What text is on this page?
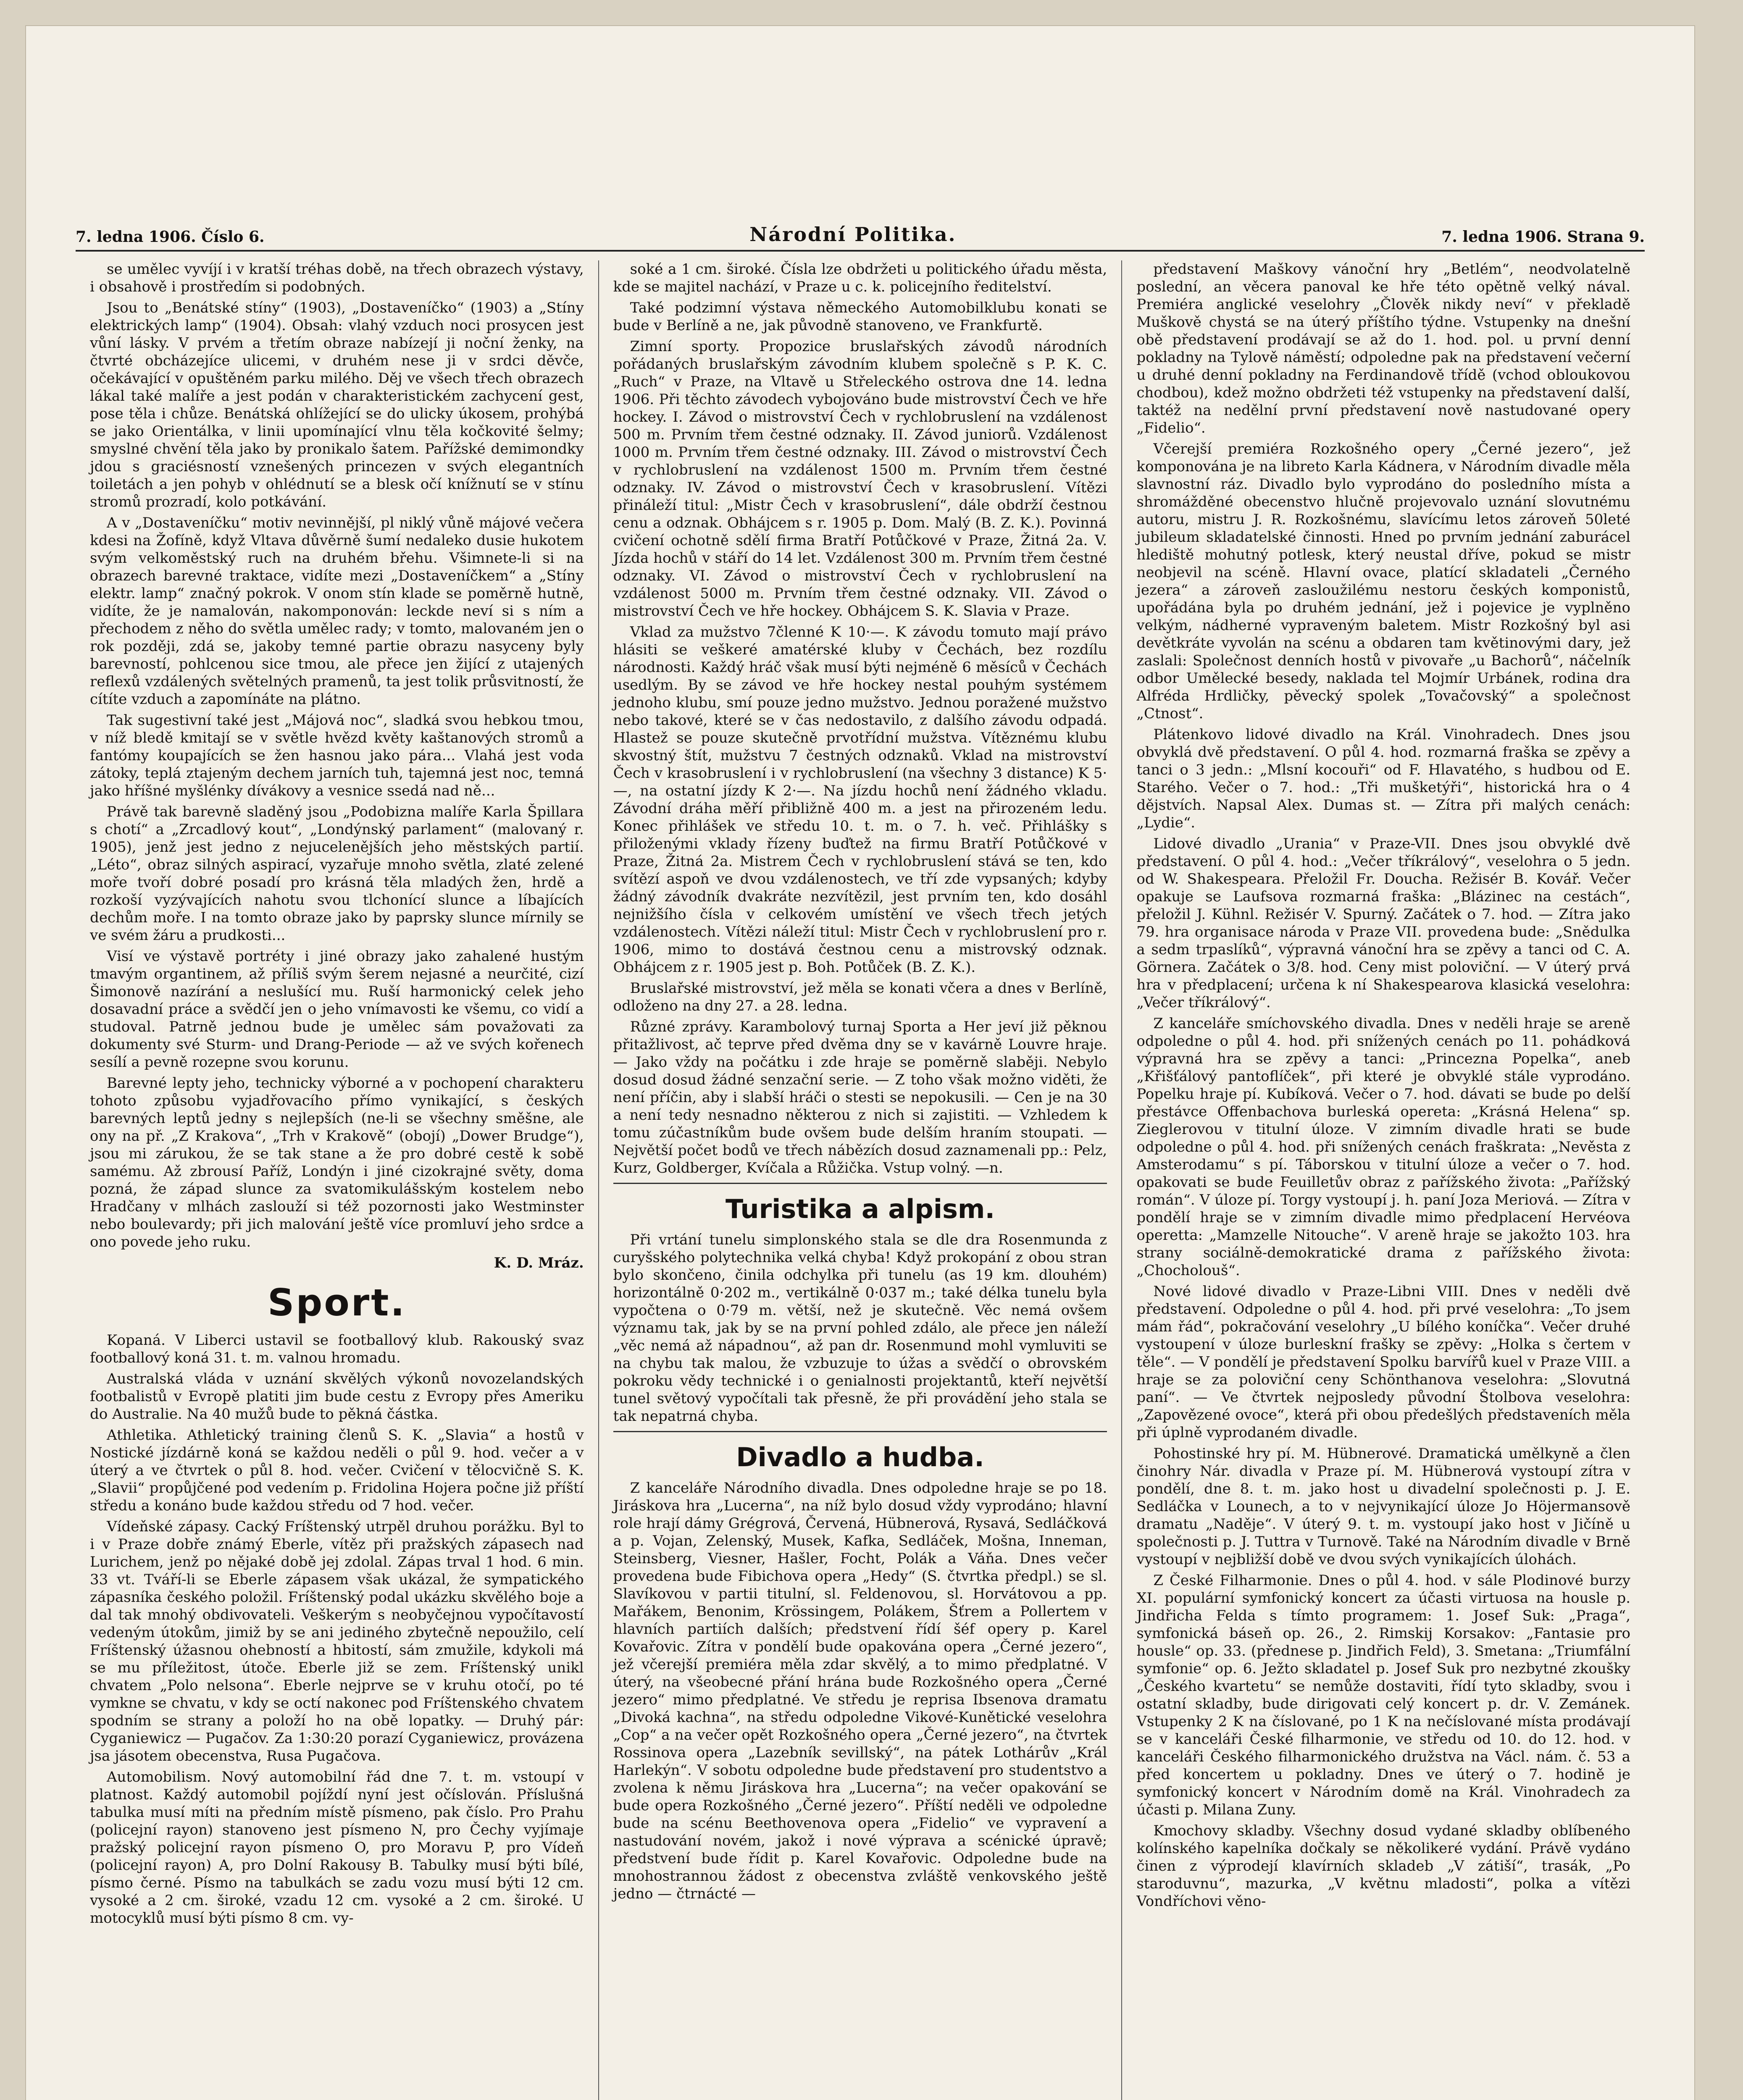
7. ledna 1906. Číslo 6.	Národní Politika.	7. ledna 1906. Strana 9.

se umělec vyvíjí i v kratší tréhas době, na třech obrazech výstavy, i obsahově i prostředím si podobných.

Jsou to „Benátské stíny“ (1903), „Dostaveníčko“ (1903) a „Stíny elektrických lamp“ (1904). Obsah: vlahý vzduch noci prosycen jest vůní lásky. V prvém a třetím obraze nabízejí ji noční ženky, na čtvrté obcházejíce ulicemi, v druhém nese ji v srdci děvče, očekávající v opuštěném parku milého. Děj ve všech třech obrazech lákal také malíře a jest podán v charakteristickém zachycení gest, pose těla i chůze. Benátská ohlížející se do ulicky úkosem, prohýbá se jako Orientálka, v linii upomínající vlnu těla kočkovité šelmy; smyslné chvění těla jako by pronikalo šatem. Pařížské demimondky jdou s graciésností vznešených princezen v svých elegantních toiletách a jen pohyb v ohlédnutí se a blesk očí knížnutí se v stínu stromů prozradí, kolo potkávání.

A v „Dostaveníčku“ motiv nevinnější, pl niklý vůně májové večera kdesi na Žofíně, když Vltava důvěrně šumí nedaleko dusie hukotem svým velkoměstský ruch na druhém břehu. Všimnete-li si na obrazech barevné traktace, vidíte mezi „Dostaveníčkem“ a „Stíny elektr. lamp“ značný pokrok. V onom stín klade se poměrně hutně, vidíte, že je namalován, nakomponován: leckde neví si s ním a přechodem z něho do světla umělec rady; v tomto, malovaném jen o rok později, zdá se, jakoby temné partie obrazu nasyceny byly barevností, pohlcenou sice tmou, ale přece jen žijící z utajených reflexů vzdálených světelných pramenů, ta jest tolik průsvitností, že cítíte vzduch a zapomínáte na plátno.

Tak sugestivní také jest „Májová noc“, sladká svou hebkou tmou, v níž bledě kmitají se v světle hvězd květy kaštanových stromů a fantómy koupajících se žen hasnou jako pára... Vlahá jest voda zátoky, teplá ztajeným dechem jarních tuh, tajemná jest noc, temná jako hříšné myšlénky dívákovy a vesnice ssedá nad ně...

Právě tak barevně sladěný jsou „Podobizna malíře Karla Špillara s chotí“ a „Zrcadlový kout“, „Londýnský parlament“ (malovaný r. 1905), jenž jest jedno z nejucelenějších jeho městských partií. „Léto“, obraz silných aspirací, vyzařuje mnoho světla, zlaté zelené moře tvoří dobré posadí pro krásná těla mladých žen, hrdě a rozkoší vyzývajících nahotu svou tlchonící slunce a líbajících dechům moře. I na tomto obraze jako by paprsky slunce mírnily se ve svém žáru a prudkosti...

Visí ve výstavě portréty i jiné obrazy jako zahalené hustým tmavým organtinem, až příliš svým šerem nejasné a neurčité, cizí Šimonově nazírání a neslušící mu. Ruší harmonický celek jeho dosavadní práce a svědčí jen o jeho vnímavosti ke všemu, co vidí a studoval. Patrně jednou bude je umělec sám považovati za dokumenty své Sturm- und Drang-Periode — až ve svých kořenech sesílí a pevně rozepne svou korunu.

Barevné lepty jeho, technicky výborné a v pochopení charakteru tohoto způsobu vyjadřovacího přímo vynikající, s českých barevných leptů jedny s nejlepších (ne-li se všechny směšne, ale ony na př. „Z Krakova“, „Trh v Krakově“ (obojí) „Dower Brudge“), jsou mi zárukou, že se tak stane a že pro dobré cestě k sobě samému. Až zbrousí Paříž, Londýn i jiné cizokrajné světy, doma pozná, že západ slunce za svatomikulášským kostelem nebo Hradčany v mlhách zaslouží si též pozornosti jako Westminster nebo boulevardy; při jich malování ještě více promluví jeho srdce a ono povede jeho ruku.

K. D. Mráz.
Sport.

Kopaná. V Liberci ustavil se footballový klub. Rakouský svaz footballový koná 31. t. m. valnou hromadu.

Australská vláda v uznání skvělých výkonů novozelandských footbalistů v Evropě platiti jim bude cestu z Evropy přes Ameriku do Australie. Na 40 mužů bude to pěkná částka.

Athletika. Athletický training členů S. K. „Slavia“ a hostů v Nostické jízdárně koná se každou neděli o půl 9. hod. večer a v úterý a ve čtvrtek o půl 8. hod. večer. Cvičení v tělocvičně S. K. „Slavii“ propůjčené pod vedením p. Fridolina Hojera počne již příští středu a konáno bude každou středu od 7 hod. večer.

Vídeňské zápasy. Cacký Fríštenský utrpěl druhou porážku. Byl to i v Praze dobře známý Eberle, vítěz při pražských zápasech nad Lurichem, jenž po nějaké době jej zdolal. Zápas trval 1 hod. 6 min. 33 vt. Tváří-li se Eberle zápasem však ukázal, že sympatického zápasníka českého položil. Fríštenský podal ukázku skvělého boje a dal tak mnohý obdivovateli. Veškerým s neobyčejnou vypočítavostí vedeným útokům, jimiž by se ani jediného zbytečně nepoužilo, celí Fríštenský úžasnou ohebností a hbitostí, sám zmužile, kdykoli má se mu příležitost, útoče. Eberle již se zem. Fríštenský unikl chvatem „Polo nelsona“. Eberle nejprve se v kruhu otočí, po té vymkne se chvatu, v kdy se octí nakonec pod Fríštenského chvatem spodním se strany a položí ho na obě lopatky. — Druhý pár: Cyganiewicz — Pugačov. Za 1:30:20 porazí Cyganiewicz, provázena jsa jásotem obecenstva, Rusa Pugačova.

Automobilism. Nový automobilní řád dne 7. t. m. vstoupí v platnost. Každý automobil pojíždí nyní jest očíslován. Příslušná tabulka musí míti na předním místě písmeno, pak číslo. Pro Prahu (policejní rayon) stanoveno jest písmeno N, pro Čechy vyjímaje pražský policejní rayon písmeno O, pro Moravu P, pro Vídeň (policejní rayon) A, pro Dolní Rakousy B. Tabulky musí býti bílé, písmo černé. Písmo na tabulkách se zadu vozu musí býti 12 cm. vysoké a 2 cm. široké, vzadu 12 cm. vysoké a 2 cm. široké. U motocyklů musí býti písmo 8 cm. vy-

soké a 1 cm. široké. Čísla lze obdržeti u politického úřadu města, kde se majitel nachází, v Praze u c. k. policejního ředitelství.

Také podzimní výstava německého Automobilklubu konati se bude v Berlíně a ne, jak původně stanoveno, ve Frankfurtě.

Zimní sporty. Propozice bruslařských závodů národních pořádaných bruslařským závodním klubem společně s P. K. C. „Ruch“ v Praze, na Vltavě u Střeleckého ostrova dne 14. ledna 1906. Při těchto závodech vybojováno bude mistrovství Čech ve hře hockey. I. Závod o mistrovství Čech v rychlobruslení na vzdálenost 500 m. Prvním třem čestné odznaky. II. Závod juniorů. Vzdálenost 1000 m. Prvním třem čestné odznaky. III. Závod o mistrovství Čech v rychlobruslení na vzdálenost 1500 m. Prvním třem čestné odznaky. IV. Závod o mistrovství Čech v krasobruslení. Vítězi přináleží titul: „Mistr Čech v krasobruslení“, dále obdrží čestnou cenu a odznak. Obhájcem s r. 1905 p. Dom. Malý (B. Z. K.). Povinná cvičení ochotně sdělí firma Bratří Potůčkové v Praze, Žitná 2a. V. Jízda hochů v stáří do 14 let. Vzdálenost 300 m. Prvním třem čestné odznaky. VI. Závod o mistrovství Čech v rychlobruslení na vzdálenost 5000 m. Prvním třem čestné odznaky. VII. Závod o mistrovství Čech ve hře hockey. Obhájcem S. K. Slavia v Praze.

Vklad za mužstvo 7členné K 10·—. K závodu tomuto mají právo hlásiti se veškeré amatérské kluby v Čechách, bez rozdílu národnosti. Každý hráč však musí býti nejméně 6 měsíců v Čechách usedlým. By se závod ve hře hockey nestal pouhým systémem jednoho klubu, smí pouze jedno mužstvo. Jednou poražené mužstvo nebo takové, které se v čas nedostavilo, z dalšího závodu odpadá. Hlastež se pouze skutečně prvotřídní mužstva. Vítěznému klubu skvostný štít, mužstvu 7 čestných odznaků. Vklad na mistrovství Čech v krasobruslení i v rychlobruslení (na všechny 3 distance) K 5·—, na ostatní jízdy K 2·—. Na jízdu hochů není žádného vkladu. Závodní dráha měří přibližně 400 m. a jest na přirozeném ledu. Konec přihlášek ve středu 10. t. m. o 7. h. več. Přihlášky s přiloženými vklady řízeny buďtež na firmu Bratří Potůčkové v Praze, Žitná 2a. Mistrem Čech v rychlobruslení stává se ten, kdo svítězí aspoň ve dvou vzdálenostech, ve tří zde vypsaných; kdyby žádný závodník dvakráte nezvítězil, jest prvním ten, kdo dosáhl nejnižšího čísla v celkovém umístění ve všech třech jetých vzdálenostech. Vítězi náleží titul: Mistr Čech v rychlobruslení pro r. 1906, mimo to dostává čestnou cenu a mistrovský odznak. Obhájcem z r. 1905 jest p. Boh. Potůček (B. Z. K.).

Bruslařské mistrovství, jež měla se konati včera a dnes v Berlíně, odloženo na dny 27. a 28. ledna.

Různé zprávy. Karambolový turnaj Sporta a Her jeví již pěknou přitažlivost, ač teprve před dvěma dny se v kavárně Louvre hraje. — Jako vždy na počátku i zde hraje se poměrně slaběji. Nebylo dosud dosud žádné senzační serie. — Z toho však možno viděti, že není příčin, aby i slabší hráči o stesti se nepokusili. — Cen je na 30 a není tedy nesnadno některou z nich si zajistiti. — Vzhledem k tomu zúčastníkům bude ovšem bude delším hraním stoupati. — Největší počet bodů ve třech nábězích dosud zaznamenali pp.: Pelz, Kurz, Goldberger, Kvíčala a Růžička. Vstup volný. —n.

Turistika a alpism.

Při vrtání tunelu simplonského stala se dle dra Rosenmunda z curyšského polytechnika velká chyba! Když prokopání z obou stran bylo skončeno, činila odchylka při tunelu (as 19 km. dlouhém) horizontálně 0·202 m., vertikálně 0·037 m.; také délka tunelu byla vypočtena o 0·79 m. větší, než je skutečně. Věc nemá ovšem významu tak, jak by se na první pohled zdálo, ale přece jen náleží „věc nemá až nápadnou“, až pan dr. Rosenmund mohl vymluviti se na chybu tak malou, že vzbuzuje to úžas a svědčí o obrovském pokroku vědy technické i o genialnosti projektantů, kteří největší tunel světový vypočítali tak přesně, že při provádění jeho stala se tak nepatrná chyba.

Divadlo a hudba.

Z kanceláře Národního divadla. Dnes odpoledne hraje se po 18. Jiráskova hra „Lucerna“, na níž bylo dosud vždy vyprodáno; hlavní role hrají dámy Grégrová, Červená, Hübnerová, Rysavá, Sedláčková a p. Vojan, Zelenský, Musek, Kafka, Sedláček, Mošna, Inneman, Steinsberg, Viesner, Hašler, Focht, Polák a Váňa. Dnes večer provedena bude Fibichova opera „Hedy“ (S. čtvrtka předpl.) se sl. Slavíkovou v partii titulní, sl. Feldenovou, sl. Horvátovou a pp. Mařákem, Benonim, Krössingem, Polákem, Šťrem a Pollertem v hlavních partiích dalších; předstvení řídí šéf opery p. Karel Kovařovic. Zítra v pondělí bude opakována opera „Černé jezero“, jež včerejší premiéra měla zdar skvělý, a to mimo předplatné. V úterý, na všeobecné přání hrána bude Rozkošného opera „Černé jezero“ mimo předplatné. Ve středu je reprisa Ibsenova dramatu „Divoká kachna“, na středu odpoledne Vikové-Kunětické veselohra „Cop“ a na večer opět Rozkošného opera „Černé jezero“, na čtvrtek Rossinova opera „Lazebník sevillský“, na pátek Lothárův „Král Harlekýn“. V sobotu odpoledne bude představení pro studentstvo a zvolena k němu Jiráskova hra „Lucerna“; na večer opakování se bude opera Rozkošného „Černé jezero“. Příští neděli ve odpoledne bude na scénu Beethovenova opera „Fidelio“ ve vypravení a nastudování novém, jakož i nové výprava a scénické úpravě; předstvení bude řídit p. Karel Kovařovic. Odpoledne bude na mnohostrannou žádost z obecenstva zvláště venkovského ještě jedno — čtrnácté —

představení Maškovy vánoční hry „Betlém“, neodvolatelně poslední, an věcera panoval ke hře této opětně velký nával. Premiéra anglické veselohry „Člověk nikdy neví“ v překladě Muškově chystá se na úterý příštího týdne. Vstupenky na dnešní obě představení prodávají se až do 1. hod. pol. u první denní pokladny na Tylově náměstí; odpoledne pak na představení večerní u druhé denní pokladny na Ferdinandově třídě (vchod obloukovou chodbou), kdež možno obdržeti též vstupenky na představení další, taktéž na nedělní první představení nově nastudované opery „Fidelio“.

Včerejší premiéra Rozkošného opery „Černé jezero“, jež komponována je na libreto Karla Kádnera, v Národním divadle měla slavnostní ráz. Divadlo bylo vyprodáno do posledního místa a shromážděné obecenstvo hlučně projevovalo uznání slovutnému autoru, mistru J. R. Rozkošnému, slavícímu letos zároveň 50leté jubileum skladatelské činnosti. Hned po prvním jednání zaburácel hlediště mohutný potlesk, který neustal dříve, pokud se mistr neobjevil na scéně. Hlavní ovace, platící skladateli „Černého jezera“ a zároveň zasloužilému nestoru českých komponistů, upořádána byla po druhém jednání, jež i pojevice je vyplněno velkým, nádherné vypraveným baletem. Mistr Rozkošný byl asi devětkráte vyvolán na scénu a obdaren tam květinovými dary, jež zaslali: Společnost denních hostů v pivovaře „u Bachorů“, náčelník odbor Umělecké besedy, naklada tel Mojmír Urbánek, rodina dra Alfréda Hrdličky, pěvecký spolek „Tovačovský“ a společnost „Ctnost“.

Plátenkovo lidové divadlo na Král. Vinohradech. Dnes jsou obvyklá dvě představení. O půl 4. hod. rozmarná fraška se zpěvy a tanci o 3 jedn.: „Mlsní kocouři“ od F. Hlavatého, s hudbou od E. Starého. Večer o 7. hod.: „Tři mušketýři“, historická hra o 4 dějstvích. Napsal Alex. Dumas st. — Zítra při malých cenách: „Lydie“.

Lidové divadlo „Urania“ v Praze-VII. Dnes jsou obvyklé dvě představení. O půl 4. hod.: „Večer tříkrálový“, veselohra o 5 jedn. od W. Shakespeara. Přeložil Fr. Doucha. Režisér B. Kovář. Večer opakuje se Laufsova rozmarná fraška: „Blázinec na cestách“, přeložil J. Kühnl. Režisér V. Spurný. Začátek o 7. hod. — Zítra jako 79. hra organisace národa v Praze VII. provedena bude: „Snědulka a sedm trpaslíků“, výpravná vánoční hra se zpěvy a tanci od C. A. Görnera. Začátek o 3/8. hod. Ceny mist poloviční. — V úterý prvá hra v předplacení; určena k ní Shakespearova klasická veselohra: „Večer tříkrálový“.

Z kanceláře smíchovského divadla. Dnes v neděli hraje se areně odpoledne o půl 4. hod. při snížených cenách po 11. pohádková výpravná hra se zpěvy a tanci: „Princezna Popelka“, aneb „Křišťálový pantoflíček“, při které je obvyklé stále vyprodáno. Popelku hraje pí. Kubíková. Večer o 7. hod. dávati se bude po delší přestávce Offenbachova burleská opereta: „Krásná Helena“ sp. Zieglerovou v titulní úloze. V zimním divadle hrati se bude odpoledne o půl 4. hod. při snížených cenách fraškrata: „Nevěsta z Amsterodamu“ s pí. Táborskou v titulní úloze a večer o 7. hod. opakovati se bude Feuilletův obraz z pařížského života: „Pařížský román“. V úloze pí. Torgy vystoupí j. h. paní Joza Meriová. — Zítra v pondělí hraje se v zimním divadle mimo předplacení Hervéova operetta: „Mamzelle Nitouche“. V areně hraje se jakožto 103. hra strany sociálně-demokratické drama z pařížského života: „Chocholouš“.

Nové lidové divadlo v Praze-Libni VIII. Dnes v neděli dvě představení. Odpoledne o půl 4. hod. při prvé veselohra: „To jsem mám řád“, pokračování veselohry „U bílého koníčka“. Večer druhé vystoupení v úloze burleskní frašky se zpěvy: „Holka s čertem v těle“. — V pondělí je představení Spolku barvířů kuel v Praze VIII. a hraje se za poloviční ceny Schönthanova veselohra: „Slovutná paní“. — Ve čtvrtek nejposledy původní Štolbova veselohra: „Zapovězené ovoce“, která při obou předešlých představeních měla při úplně vyprodaném divadle.

Pohostinské hry pí. M. Hübnerové. Dramatická umělkyně a člen činohry Nár. divadla v Praze pí. M. Hübnerová vystoupí zítra v pondělí, dne 8. t. m. jako host u divadelní společnosti p. J. E. Sedláčka v Lounech, a to v nejvynikající úloze Jo Höjermansově dramatu „Naděje“. V úterý 9. t. m. vystoupí jako host v Jičíně u společnosti p. J. Tuttra v Turnově. Také na Národním divadle v Brně vystoupí v nejbližší době ve dvou svých vynikajících úlohách.

Z České Filharmonie. Dnes o půl 4. hod. v sále Plodinové burzy XI. populární symfonický koncert za účasti virtuosa na housle p. Jindřicha Felda s tímto programem: 1. Josef Suk: „Praga“, symfonická báseň op. 26., 2. Rimskij Korsakov: „Fantasie pro housle“ op. 33. (přednese p. Jindřich Feld), 3. Smetana: „Triumfální symfonie“ op. 6. Ježto skladatel p. Josef Suk pro nezbytné zkoušky „Českého kvartetu“ se nemůže dostaviti, řídí tyto skladby, svou i ostatní skladby, bude dirigovati celý koncert p. dr. V. Zemánek. Vstupenky 2 K na číslované, po 1 K na nečíslované místa prodávají se v kanceláři České filharmonie, ve středu od 10. do 12. hod. v kanceláři Českého filharmonického družstva na Václ. nám. č. 53 a před koncertem u pokladny. Dnes ve úterý o 7. hodině je symfonický koncert v Národním domě na Král. Vinohradech za účasti p. Milana Zuny.

Kmochovy skladby. Všechny dosud vydané skladby oblíbeného kolínského kapelníka dočkaly se několikeré vydání. Právě vydáno činen z výprodejí klavírních skladeb „V zátiší“, trasák, „Po staroduvnu“, mazurka, „V květnu mladosti“, polka a vítězi Vondříchovi věno-
